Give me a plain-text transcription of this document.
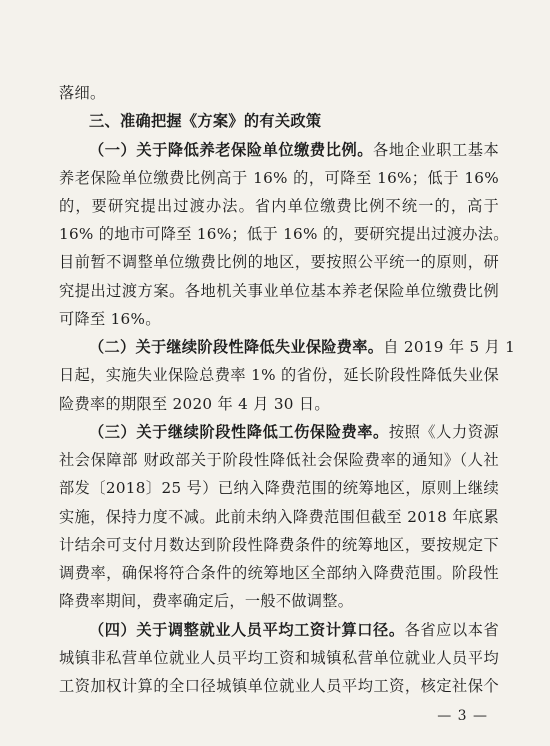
落细。
三、准确把握《方案》的有关政策
（一）关于降低养老保险单位缴费比例。各地企业职工基本
养老保险单位缴费比例高于 16% 的，可降至 16%；低于 16%
的，要研究提出过渡办法。省内单位缴费比例不统一的，高于
16% 的地市可降至 16%；低于 16% 的，要研究提出过渡办法。
目前暂不调整单位缴费比例的地区，要按照公平统一的原则，研
究提出过渡方案。各地机关事业单位基本养老保险单位缴费比例
可降至 16%。
（二）关于继续阶段性降低失业保险费率。自 2019 年 5 月 1
日起，实施失业保险总费率 1% 的省份，延长阶段性降低失业保
险费率的期限至 2020 年 4 月 30 日。
（三）关于继续阶段性降低工伤保险费率。按照《人力资源
社会保障部 财政部关于阶段性降低社会保险费率的通知》（人社
部发〔2018〕25 号）已纳入降费范围的统筹地区，原则上继续
实施，保持力度不减。此前未纳入降费范围但截至 2018 年底累
计结余可支付月数达到阶段性降费条件的统筹地区，要按规定下
调费率，确保将符合条件的统筹地区全部纳入降费范围。阶段性
降费率期间，费率确定后，一般不做调整。
（四）关于调整就业人员平均工资计算口径。各省应以本省
城镇非私营单位就业人员平均工资和城镇私营单位就业人员平均
工资加权计算的全口径城镇单位就业人员平均工资，核定社保个
— 3 —
